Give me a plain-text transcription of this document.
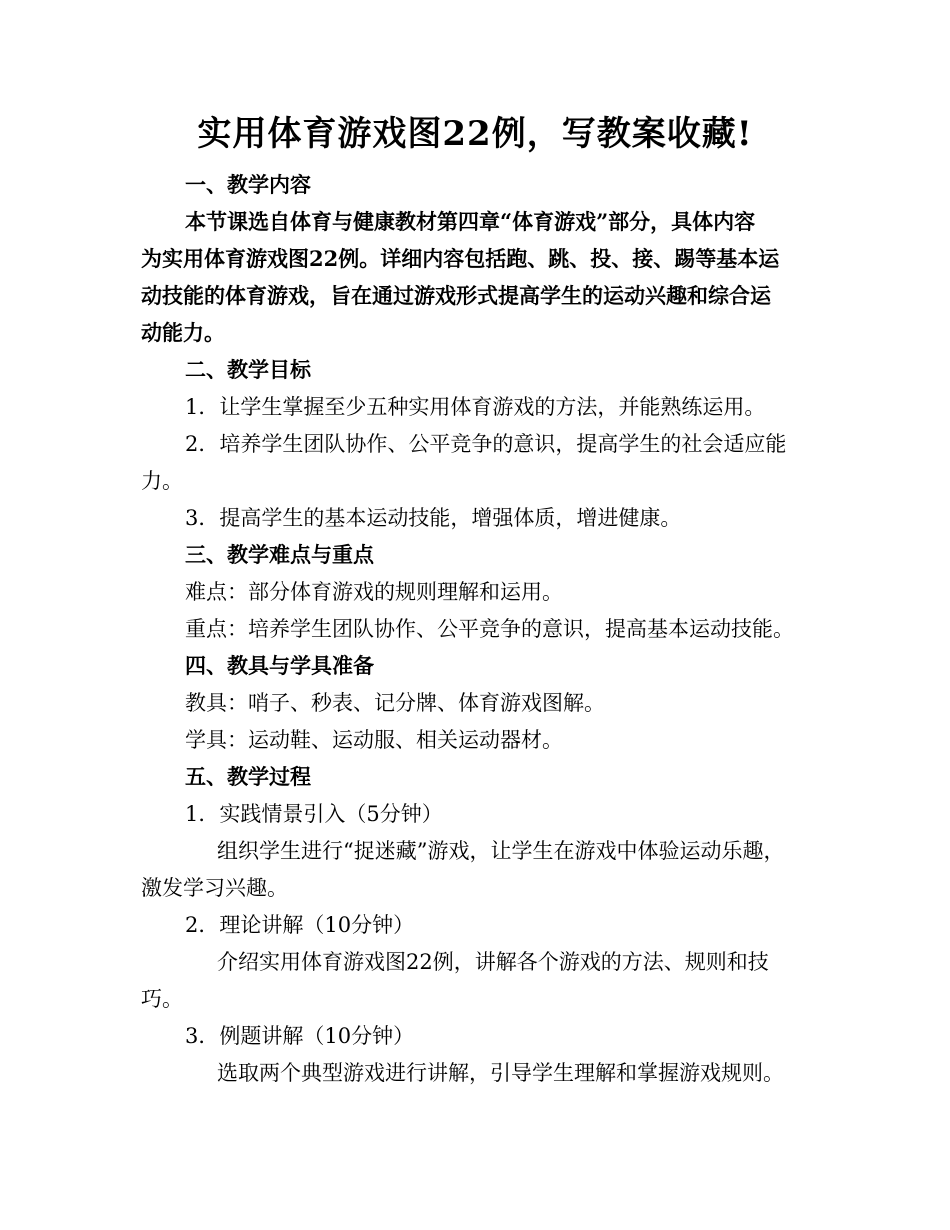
实用体育游戏图22例，写教案收藏!
一、教学内容
本节课选自体育与健康教材第四章“体育游戏”部分，具体内容
为实用体育游戏图22例。详细内容包括跑、跳、投、接、踢等基本运
动技能的体育游戏，旨在通过游戏形式提高学生的运动兴趣和综合运
动能力。
二、教学目标
1．让学生掌握至少五种实用体育游戏的方法，并能熟练运用。
2．培养学生团队协作、公平竞争的意识，提高学生的社会适应能
力。
3．提高学生的基本运动技能，增强体质，增进健康。
三、教学难点与重点
难点：部分体育游戏的规则理解和运用。
重点：培养学生团队协作、公平竞争的意识，提高基本运动技能。
四、教具与学具准备
教具：哨子、秒表、记分牌、体育游戏图解。
学具：运动鞋、运动服、相关运动器材。
五、教学过程
1．实践情景引入（5分钟）
组织学生进行“捉迷藏”游戏，让学生在游戏中体验运动乐趣，
激发学习兴趣。
2．理论讲解（10分钟）
介绍实用体育游戏图22例，讲解各个游戏的方法、规则和技
巧。
3．例题讲解（10分钟）
选取两个典型游戏进行讲解，引导学生理解和掌握游戏规则。
